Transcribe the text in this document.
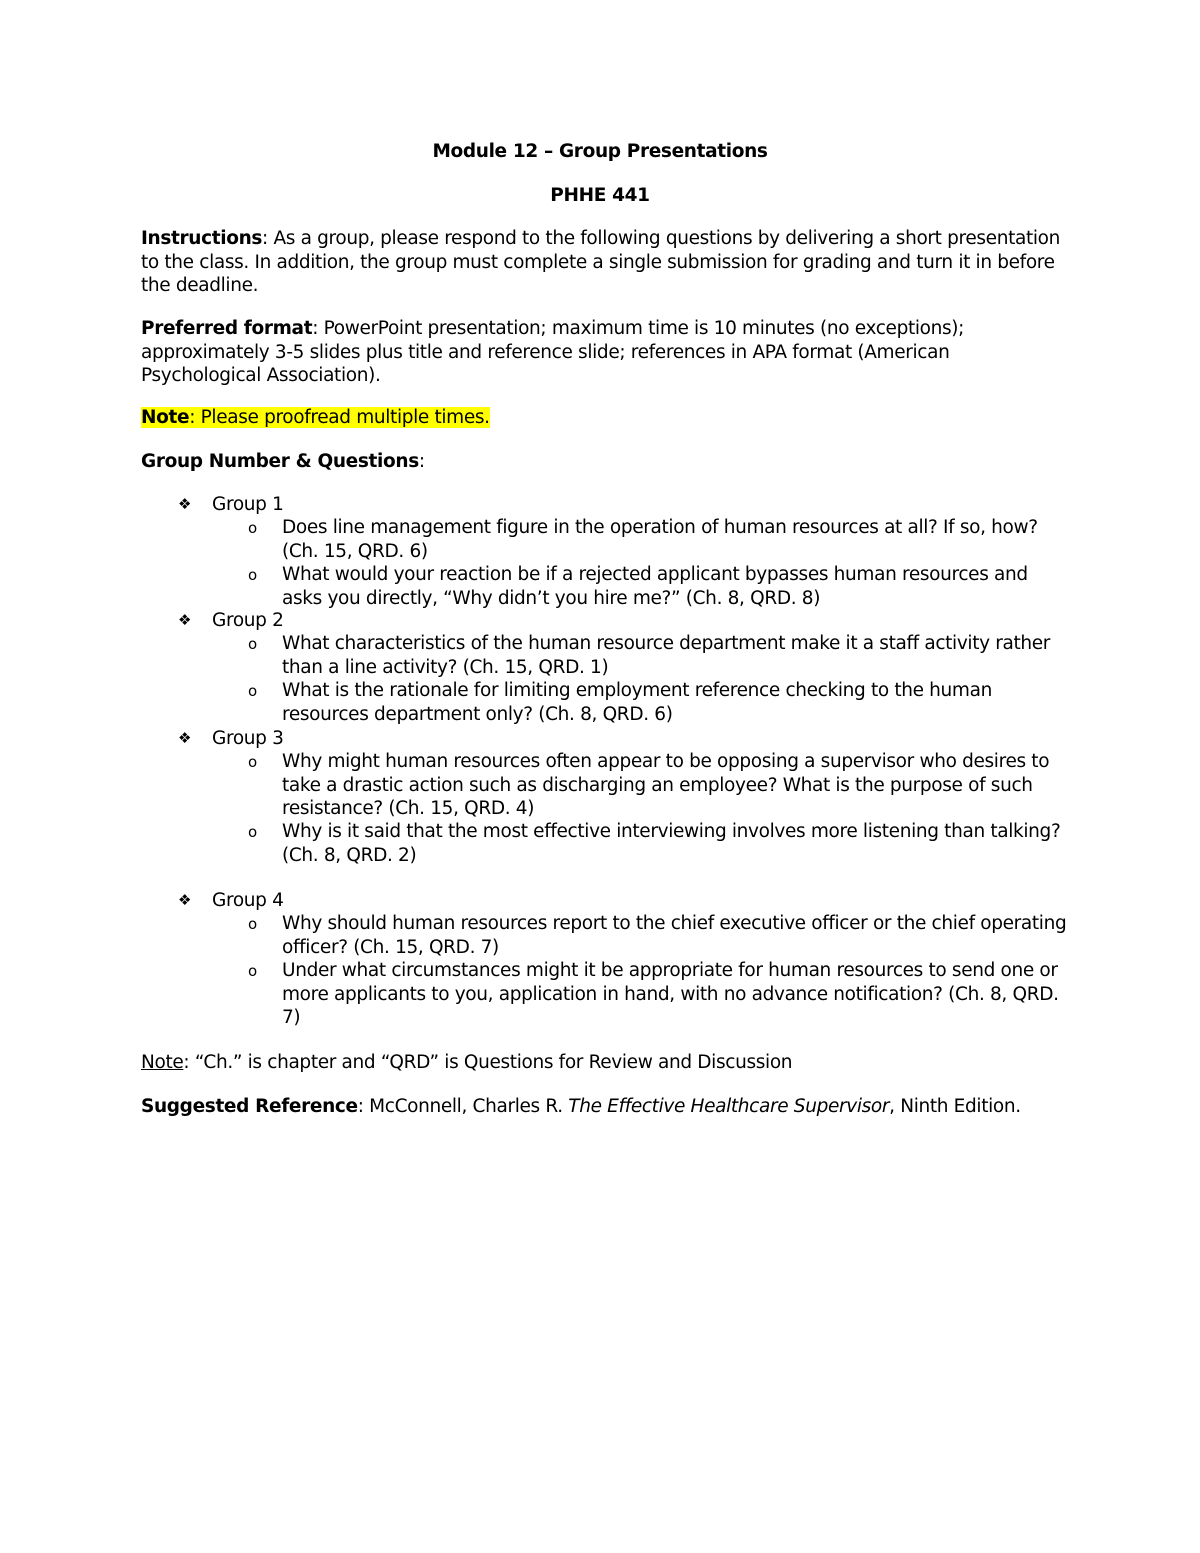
Module 12 – Group Presentations
PHHE 441
Instructions: As a group, please respond to the following questions by delivering a short presentation to the class. In addition, the group must complete a single submission for grading and turn it in before the deadline.
Preferred format: PowerPoint presentation; maximum time is 10 minutes (no exceptions); approximately 3-5 slides plus title and reference slide; references in APA format (American Psychological Association).
Note: Please proofread multiple times.
Group Number & Questions:
❖ Group 1
o Does line management figure in the operation of human resources at all? If so, how? (Ch. 15, QRD. 6)
o What would your reaction be if a rejected applicant bypasses human resources and asks you directly, “Why didn’t you hire me?” (Ch. 8, QRD. 8)
❖ Group 2
o What characteristics of the human resource department make it a staff activity rather than a line activity? (Ch. 15, QRD. 1)
o What is the rationale for limiting employment reference checking to the human resources department only? (Ch. 8, QRD. 6)
❖ Group 3
o Why might human resources often appear to be opposing a supervisor who desires to take a drastic action such as discharging an employee? What is the purpose of such resistance? (Ch. 15, QRD. 4)
o Why is it said that the most effective interviewing involves more listening than talking? (Ch. 8, QRD. 2)
❖ Group 4
o Why should human resources report to the chief executive officer or the chief operating officer? (Ch. 15, QRD. 7)
o Under what circumstances might it be appropriate for human resources to send one or more applicants to you, application in hand, with no advance notification? (Ch. 8, QRD. 7)
Note: “Ch.” is chapter and “QRD” is Questions for Review and Discussion
Suggested Reference: McConnell, Charles R. The Effective Healthcare Supervisor, Ninth Edition.
